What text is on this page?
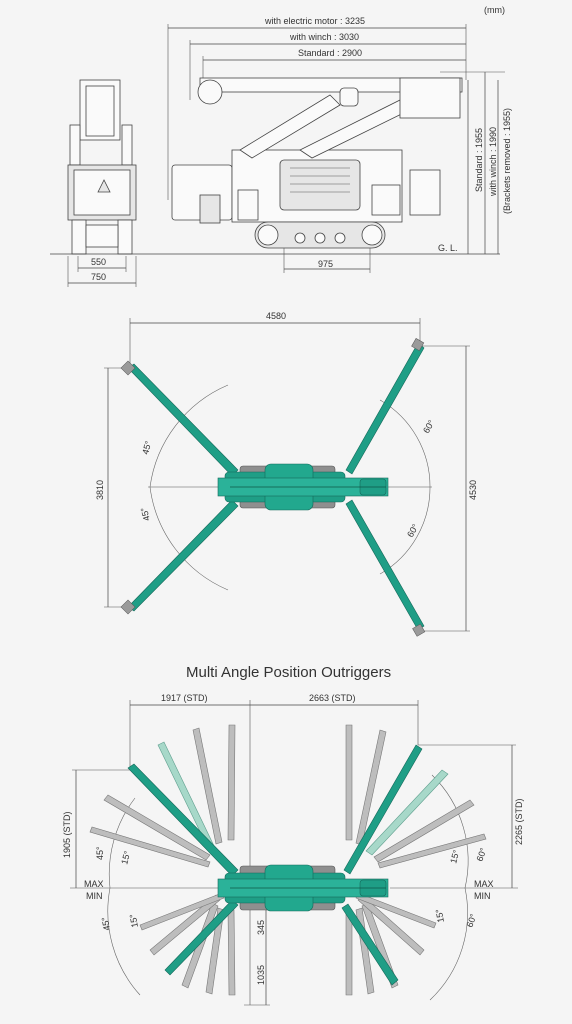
(mm)
with electric motor : 3235
with winch : 3030
Standard : 2900
G. L.
550
750
975
Standard : 1955 with winch : 1990 (Brackets removed : 1955)
4580
3810	4530
45°
45°
60°
60°
Multi Angle Position Outriggers
1917 (STD)	2663 (STD)
1905 (STD)	2265 (STD)
MAX
MIN
MAX
MIN
45° 15°
45° 15°
15° 60°
15° 60°
345
1035
